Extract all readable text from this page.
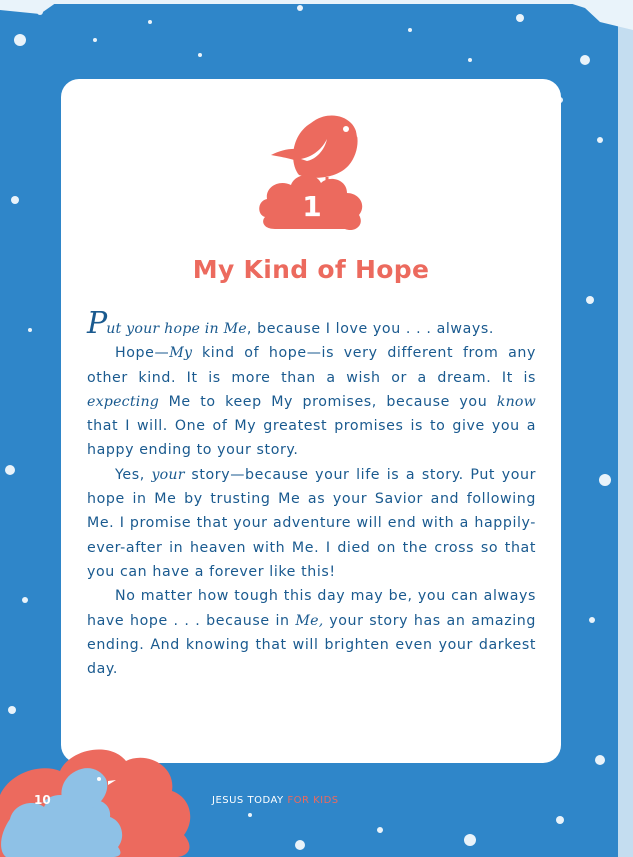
1
My Kind of Hope

Put your hope in Me, because I love you . . . always.

Hope—My kind of hope—is very different from any other kind. It is more than a wish or a dream. It is expecting Me to keep My promises, because you know that I will. One of My greatest promises is to give you a happy ending to your story.

Yes, your story—because your life is a story. Put your hope in Me by trusting Me as your Savior and following Me. I promise that your adventure will end with a happily-ever-after in heaven with Me. I died on the cross so that you can have a forever like this!

No matter how tough this day may be, you can always have hope . . . because in Me, your story has an amazing ending. And knowing that will brighten even your darkest day.

10	JESUS TODAY FOR KIDS
